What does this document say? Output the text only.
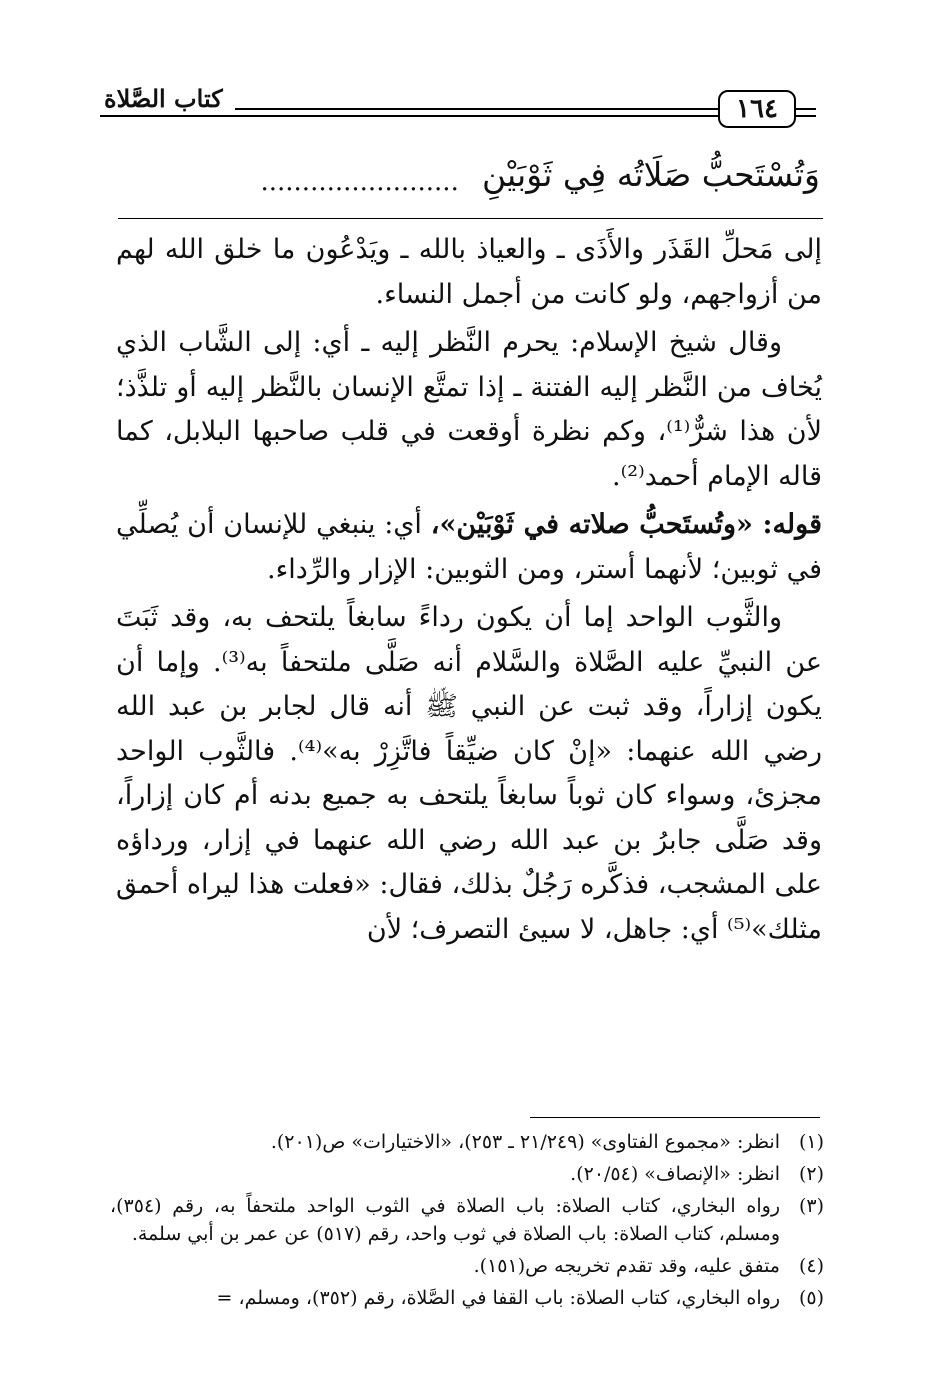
١٦٤
كتاب الصَّلاة
وَتُسْتَحبُّ صَلَاتُه فِي ثَوْبَيْنِ ........................

إلى مَحلِّ القَذَر والأَذَى ـ والعياذ بالله ـ ويَدْعُون ما خلق الله لهم من أزواجهم، ولو كانت من أجمل النساء.

وقال شيخ الإسلام: يحرم النَّظر إليه ـ أي: إلى الشَّاب الذي يُخاف من النَّظر إليه الفتنة ـ إذا تمتَّع الإنسان بالنَّظر إليه أو تلذَّذ؛ لأن هذا شرٌّ⁽¹⁾، وكم نظرة أوقعت في قلب صاحبها البلابل، كما قاله الإمام أحمد⁽²⁾.

قوله: «وتُستَحبُّ صلاته في ثَوْبَيْن»، أي: ينبغي للإنسان أن يُصلِّي في ثوبين؛ لأنهما أستر، ومن الثوبين: الإزار والرِّداء.

والثَّوب الواحد إما أن يكون رداءً سابغاً يلتحف به، وقد ثَبَتَ عن النبيِّ عليه الصَّلاة والسَّلام أنه صَلَّى ملتحفاً به⁽³⁾. وإما أن يكون إزاراً، وقد ثبت عن النبي ﷺ أنه قال لجابر بن عبد الله رضي الله عنهما: «إنْ كان ضيِّقاً فاتَّزِرْ به»⁽⁴⁾. فالثَّوب الواحد مجزئ، وسواء كان ثوباً سابغاً يلتحف به جميع بدنه أم كان إزاراً، وقد صَلَّى جابرُ بن عبد الله رضي الله عنهما في إزار، ورداؤه على المشجب، فذكَّره رَجُلٌ بذلك، فقال: «فعلت هذا ليراه أحمق مثلك»⁽⁵⁾ أي: جاهل، لا سيئ التصرف؛ لأن

(١)
انظر: «مجموع الفتاوى» (٢١/٢٤٩ ـ ٢٥٣)، «الاختيارات» ص(٢٠١).
(٢)
انظر: «الإنصاف» (٢٠/٥٤).
(٣)
رواه البخاري، كتاب الصلاة: باب الصلاة في الثوب الواحد ملتحفاً به، رقم (٣٥٤)، ومسلم، كتاب الصلاة: باب الصلاة في ثوب واحد، رقم (٥١٧) عن عمر بن أبي سلمة.
(٤)
متفق عليه، وقد تقدم تخريجه ص(١٥١).
(٥)
رواه البخاري، كتاب الصلاة: باب القفا في الصَّلاة، رقم (٣٥٢)، ومسلم، =
